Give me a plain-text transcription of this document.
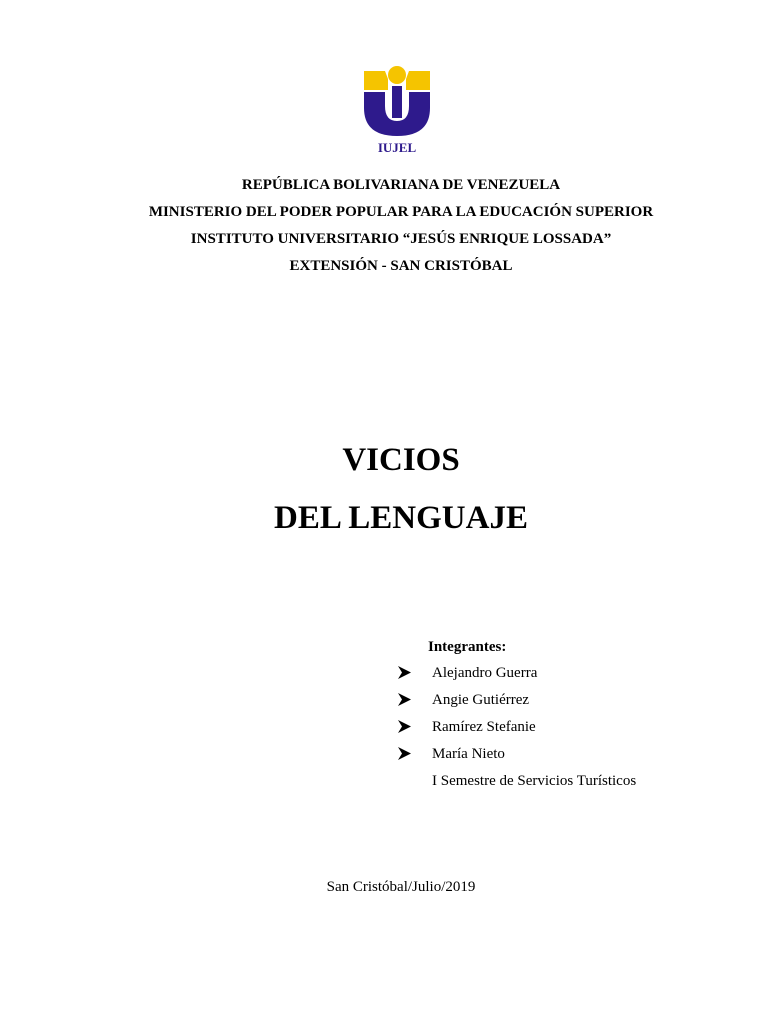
IUJEL
REPÚBLICA BOLIVARIANA DE VENEZUELA
MINISTERIO DEL PODER POPULAR PARA LA EDUCACIÓN SUPERIOR
INSTITUTO UNIVERSITARIO “JESÚS ENRIQUE LOSSADA”
EXTENSIÓN - SAN CRISTÓBAL
VICIOS
DEL LENGUAJE
Integrantes:
Alejandro Guerra
Angie Gutiérrez
Ramírez Stefanie
María Nieto
I Semestre de Servicios Turísticos
San Cristóbal/Julio/2019
